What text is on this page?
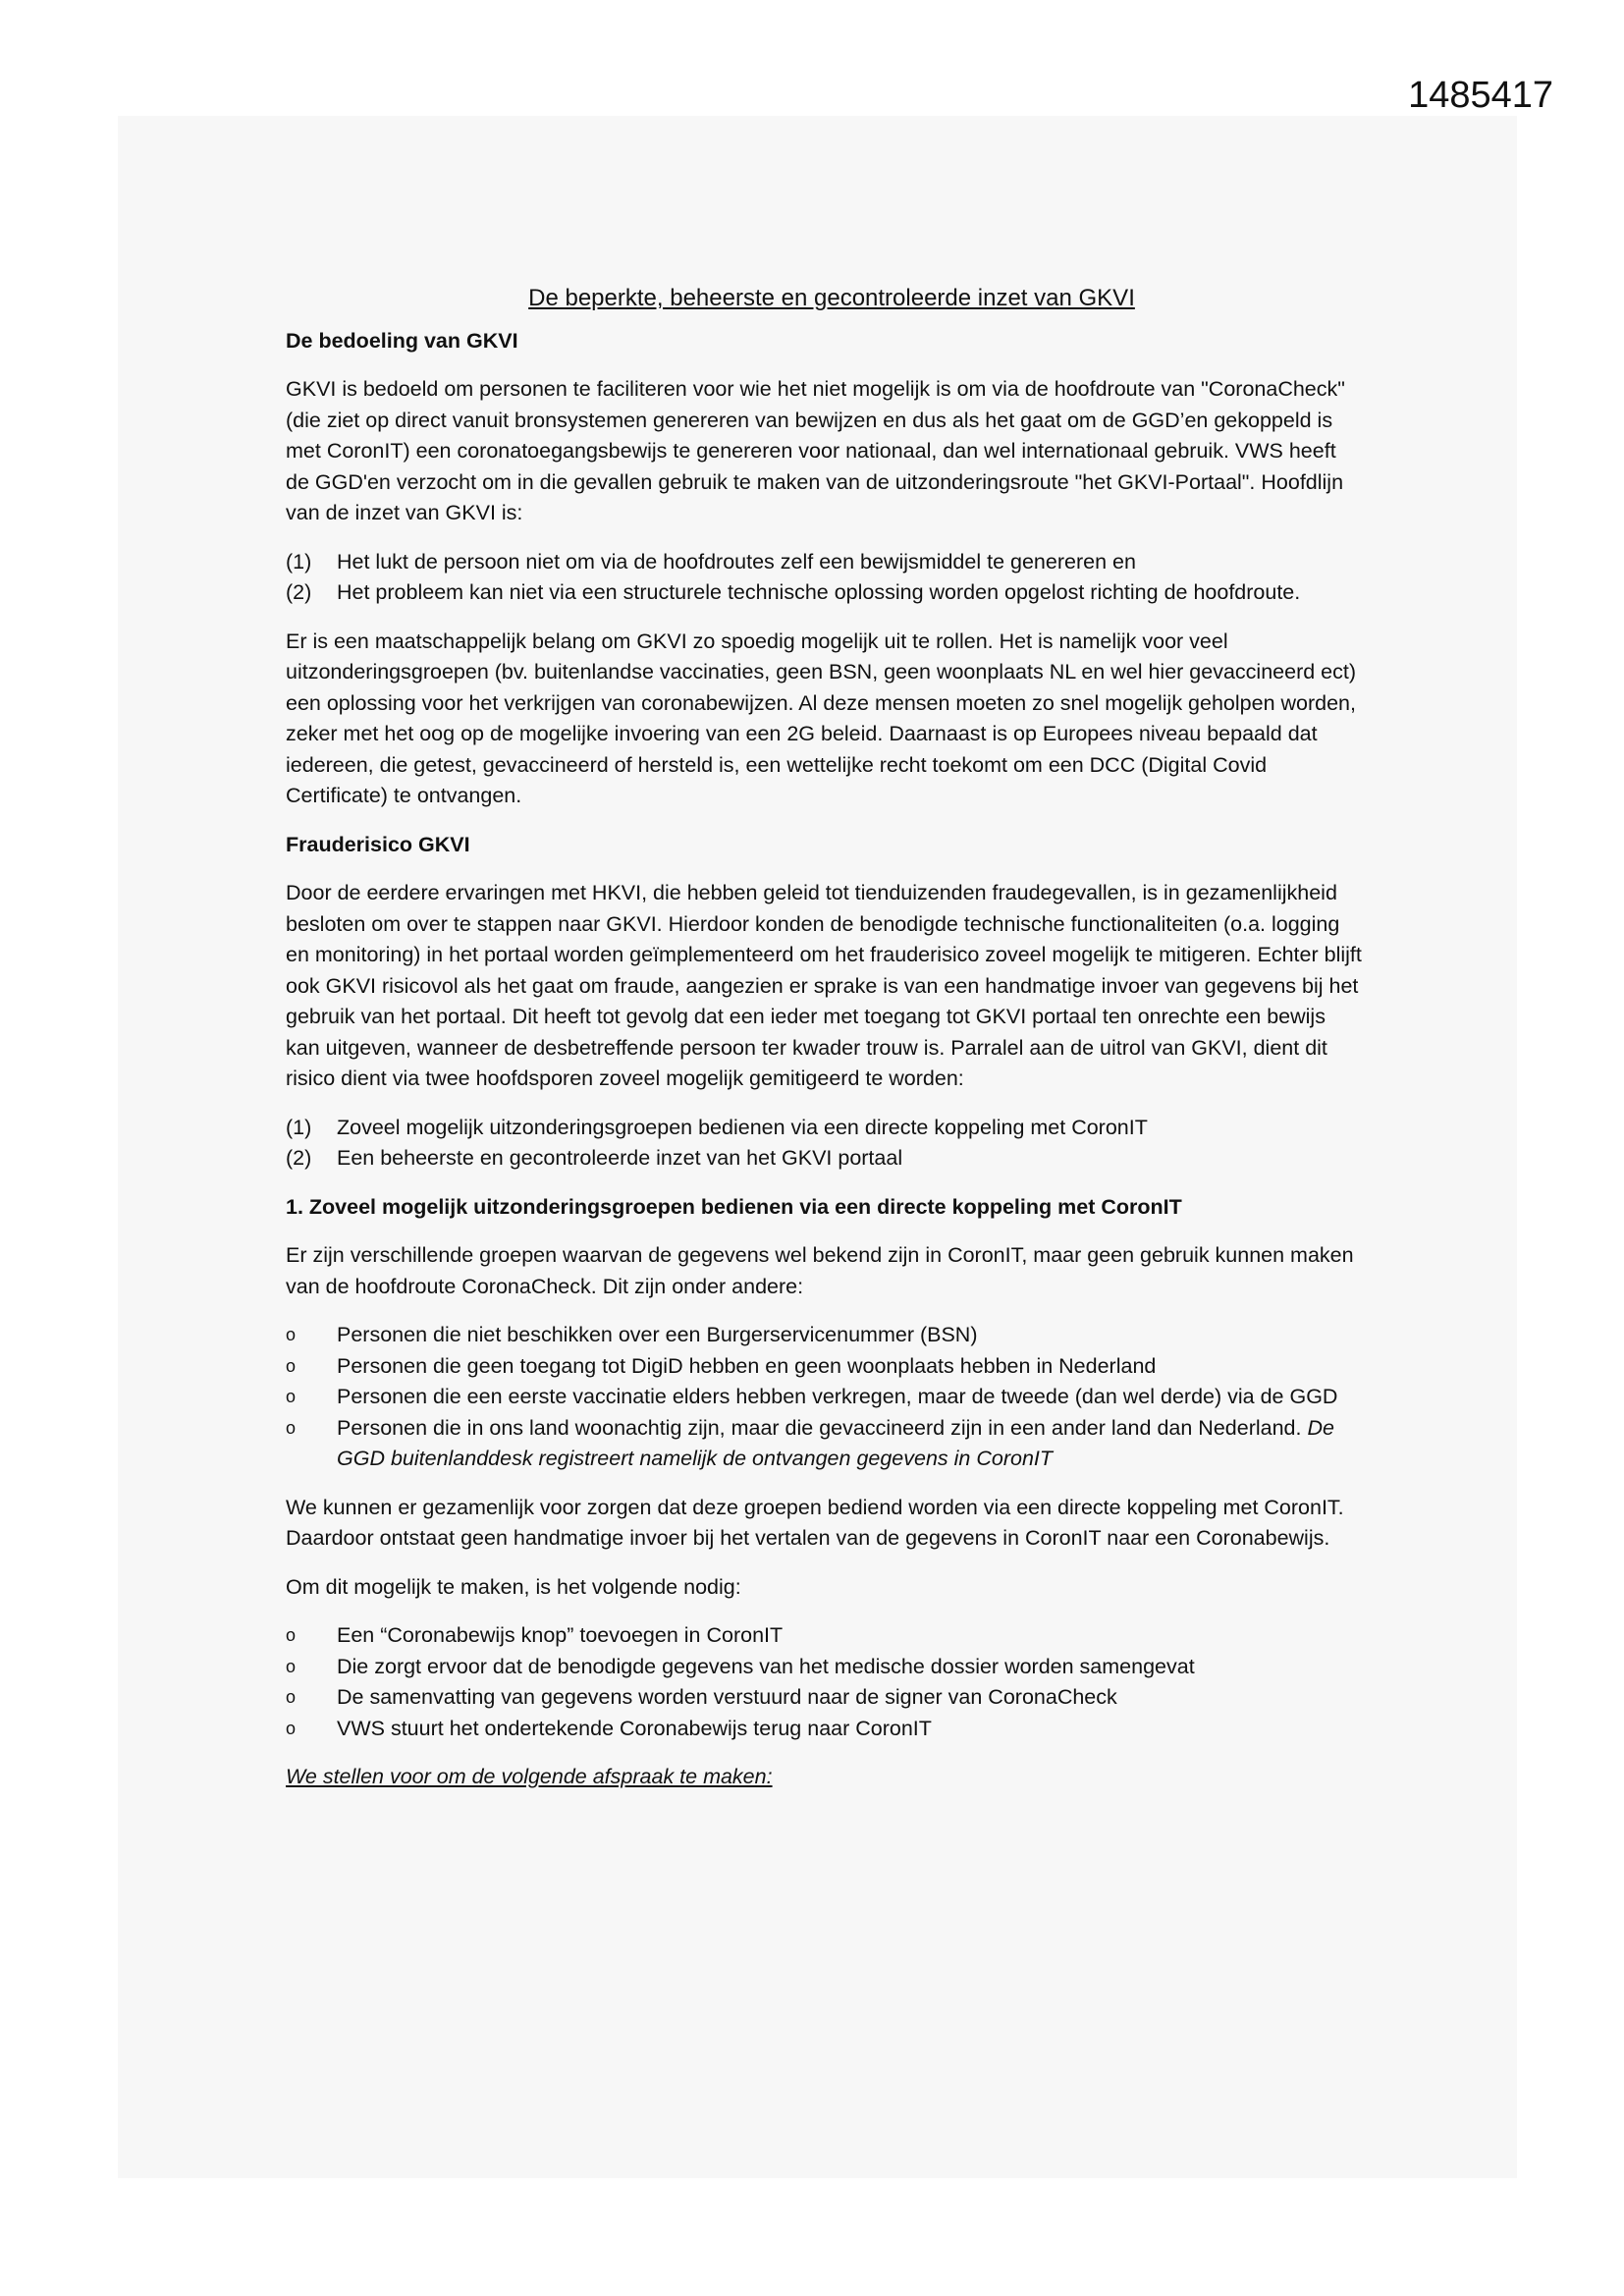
1485417
De beperkte, beheerste en gecontroleerde inzet van GKVI
De bedoeling van GKVI

GKVI is bedoeld om personen te faciliteren voor wie het niet mogelijk is om via de hoofdroute van "CoronaCheck" (die ziet op direct vanuit bronsystemen genereren van bewijzen en dus als het gaat om de GGD’en gekoppeld is met CoronIT) een coronatoegangsbewijs te genereren voor nationaal, dan wel internationaal gebruik. VWS heeft de GGD'en verzocht om in die gevallen gebruik te maken van de uitzonderingsroute "het GKVI-Portaal". Hoofdlijn van de inzet van GKVI is:

(1)	Het lukt de persoon niet om via de hoofdroutes zelf een bewijsmiddel te genereren en
(2)	Het probleem kan niet via een structurele technische oplossing worden opgelost richting de hoofdroute.

Er is een maatschappelijk belang om GKVI zo spoedig mogelijk uit te rollen. Het is namelijk voor veel uitzonderingsgroepen (bv. buitenlandse vaccinaties, geen BSN, geen woonplaats NL en wel hier gevaccineerd ect) een oplossing voor het verkrijgen van coronabewijzen. Al deze mensen moeten zo snel mogelijk geholpen worden, zeker met het oog op de mogelijke invoering van een 2G beleid. Daarnaast is op Europees niveau bepaald dat iedereen, die getest, gevaccineerd of hersteld is, een wettelijke recht toekomt om een DCC (Digital Covid Certificate) te ontvangen.

Frauderisico GKVI

Door de eerdere ervaringen met HKVI, die hebben geleid tot tienduizenden fraudegevallen, is in gezamenlijkheid besloten om over te stappen naar GKVI. Hierdoor konden de benodigde technische functionaliteiten (o.a. logging en monitoring) in het portaal worden geïmplementeerd om het frauderisico zoveel mogelijk te mitigeren. Echter blijft ook GKVI risicovol als het gaat om fraude, aangezien er sprake is van een handmatige invoer van gegevens bij het gebruik van het portaal. Dit heeft tot gevolg dat een ieder met toegang tot GKVI portaal ten onrechte een bewijs kan uitgeven, wanneer de desbetreffende persoon ter kwader trouw is. Parralel aan de uitrol van GKVI, dient dit risico dient via twee hoofdsporen zoveel mogelijk gemitigeerd te worden:

(1)	Zoveel mogelijk uitzonderingsgroepen bedienen via een directe koppeling met CoronIT
(2)	Een beheerste en gecontroleerde inzet van het GKVI portaal
1. Zoveel mogelijk uitzonderingsgroepen bedienen via een directe koppeling met CoronIT

Er zijn verschillende groepen waarvan de gegevens wel bekend zijn in CoronIT, maar geen gebruik kunnen maken van de hoofdroute CoronaCheck. Dit zijn onder andere:

o	Personen die niet beschikken over een Burgerservicenummer (BSN)
o	Personen die geen toegang tot DigiD hebben en geen woonplaats hebben in Nederland
o	Personen die een eerste vaccinatie elders hebben verkregen, maar de tweede (dan wel derde) via de GGD
o	Personen die in ons land woonachtig zijn, maar die gevaccineerd zijn in een ander land dan Nederland. De GGD buitenlanddesk registreert namelijk de ontvangen gegevens in CoronIT

We kunnen er gezamenlijk voor zorgen dat deze groepen bediend worden via een directe koppeling met CoronIT. Daardoor ontstaat geen handmatige invoer bij het vertalen van de gegevens in CoronIT naar een Coronabewijs.

Om dit mogelijk te maken, is het volgende nodig:

o	Een “Coronabewijs knop” toevoegen in CoronIT
o	Die zorgt ervoor dat de benodigde gegevens van het medische dossier worden samengevat
o	De samenvatting van gegevens worden verstuurd naar de signer van CoronaCheck
o	VWS stuurt het ondertekende Coronabewijs terug naar CoronIT

We stellen voor om de volgende afspraak te maken:
